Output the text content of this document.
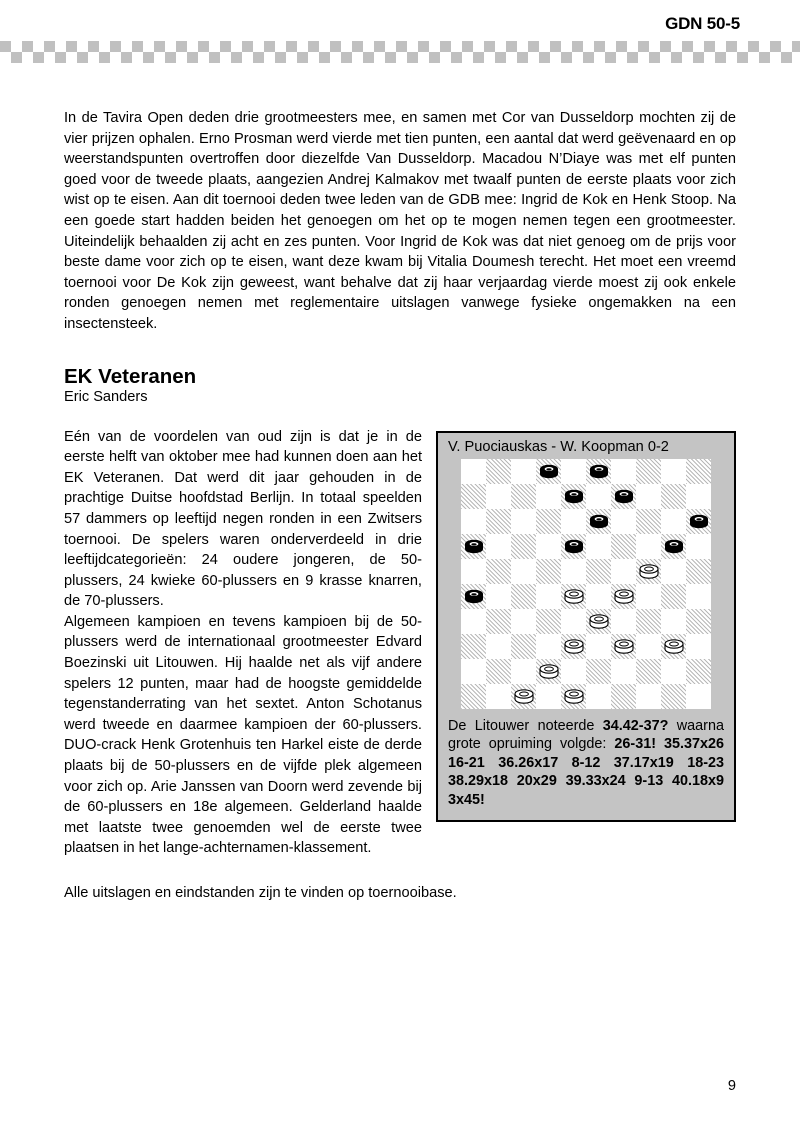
GDN 50-5

In de Tavira Open deden drie grootmeesters mee, en samen met Cor van Dusseldorp mochten zij de vier prijzen ophalen. Erno Prosman werd vierde met tien punten, een aantal dat werd geëvenaard en op weerstandspunten overtroffen door diezelfde Van Dusseldorp. Macadou N’Diaye was met elf punten goed voor de tweede plaats, aangezien Andrej Kalmakov met twaalf punten de eerste plaats voor zich wist op te eisen. Aan dit toernooi deden twee leden van de GDB mee: Ingrid de Kok en Henk Stoop. Na een goede start hadden beiden het genoegen om het op te mogen nemen tegen een grootmeester. Uiteindelijk behaalden zij acht en zes punten. Voor Ingrid de Kok was dat niet genoeg om de prijs voor beste dame voor zich op te eisen, want deze kwam bij Vitalia Doumesh terecht. Het moet een vreemd toernooi voor De Kok zijn geweest, want behalve dat zij haar verjaardag vierde moest zij ook enkele ronden genoegen nemen met reglementaire uitslagen vanwege fysieke ongemakken na een insectensteek.

EK Veteranen
Eric Sanders
V. Puociauskas - W. Koopman 0-2
De Litouwer noteerde 34.42-37? waarna grote opruiming volgde: 26-31! 35.37x26 16-21 36.26x17 8-12 37.17x19 18-23 38.29x18 20x29 39.33x24 9-13 40.18x9 3x45!

Eén van de voordelen van oud zijn is dat je in de eerste helft van oktober mee had kunnen doen aan het EK Veteranen. Dat werd dit jaar gehouden in de prachtige Duitse hoofdstad Berlijn. In totaal speelden 57 dammers op leeftijd negen ronden in een Zwitsers toernooi. De spelers waren onderverdeeld in drie leeftijdcategorieën: 24 oudere jongeren, de 50-plussers, 24 kwieke 60-plussers en 9 krasse knarren, de 70-plussers.

Algemeen kampioen en tevens kampioen bij de 50-plussers werd de internationaal grootmeester Edvard Boezinski uit Litouwen. Hij haalde net als vijf andere spelers 12 punten, maar had de hoogste gemiddelde tegenstanderrating van het sextet. Anton Schotanus werd tweede en daarmee kampioen der 60-plussers. DUO-crack Henk Grotenhuis ten Harkel eiste de derde plaats bij de 50-plussers en de vijfde plek algemeen voor zich op. Arie Janssen van Doorn werd zevende bij de 60-plussers en 18e algemeen. Gelderland haalde met laatste twee genoemden wel de eerste twee plaatsen in het lange-achternamen-klassement.

Alle uitslagen en eindstanden zijn te vinden op toernooibase.

9
